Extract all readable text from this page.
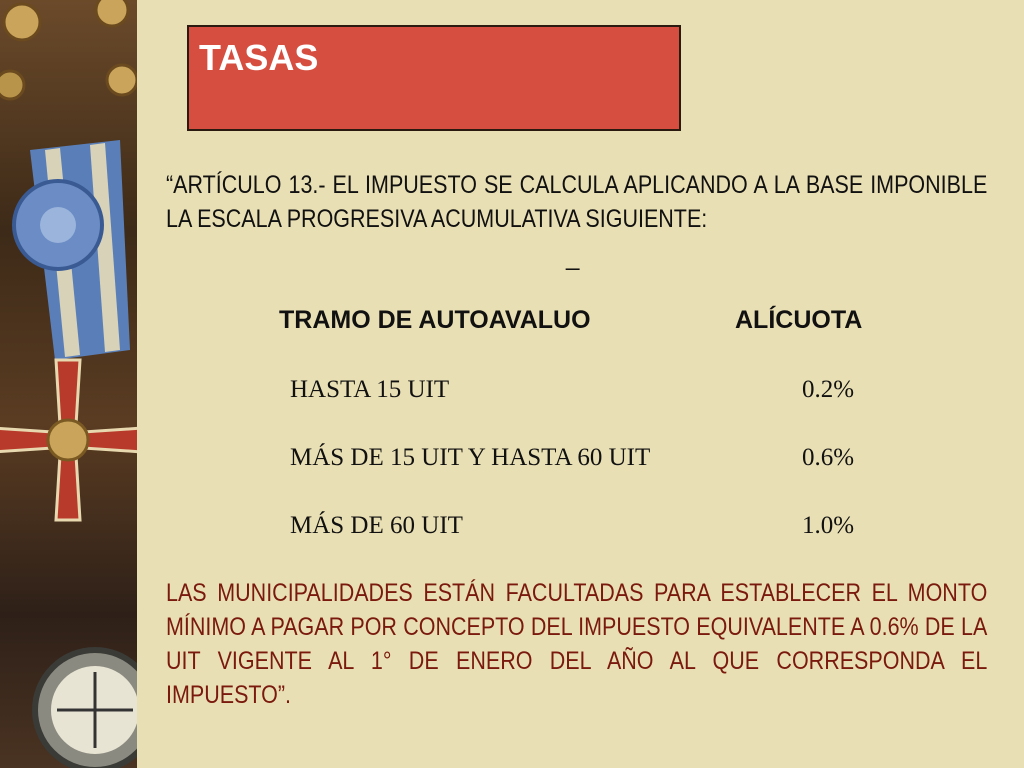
TASAS
“ARTÍCULO 13.- EL IMPUESTO SE CALCULA APLICANDO A LA BASE IMPONIBLE LA ESCALA PROGRESIVA ACUMULATIVA SIGUIENTE:
_
TRAMO DE AUTOAVALUO	ALÍCUOTA
HASTA 15 UIT	0.2%
MÁS DE 15 UIT Y HASTA 60 UIT	0.6%
MÁS DE 60 UIT	1.0%
LAS MUNICIPALIDADES ESTÁN FACULTADAS PARA ESTABLECER EL MONTO MÍNIMO A PAGAR POR CONCEPTO DEL IMPUESTO EQUIVALENTE A 0.6% DE LA UIT VIGENTE AL 1° DE ENERO DEL AÑO AL QUE CORRESPONDA EL IMPUESTO”.
